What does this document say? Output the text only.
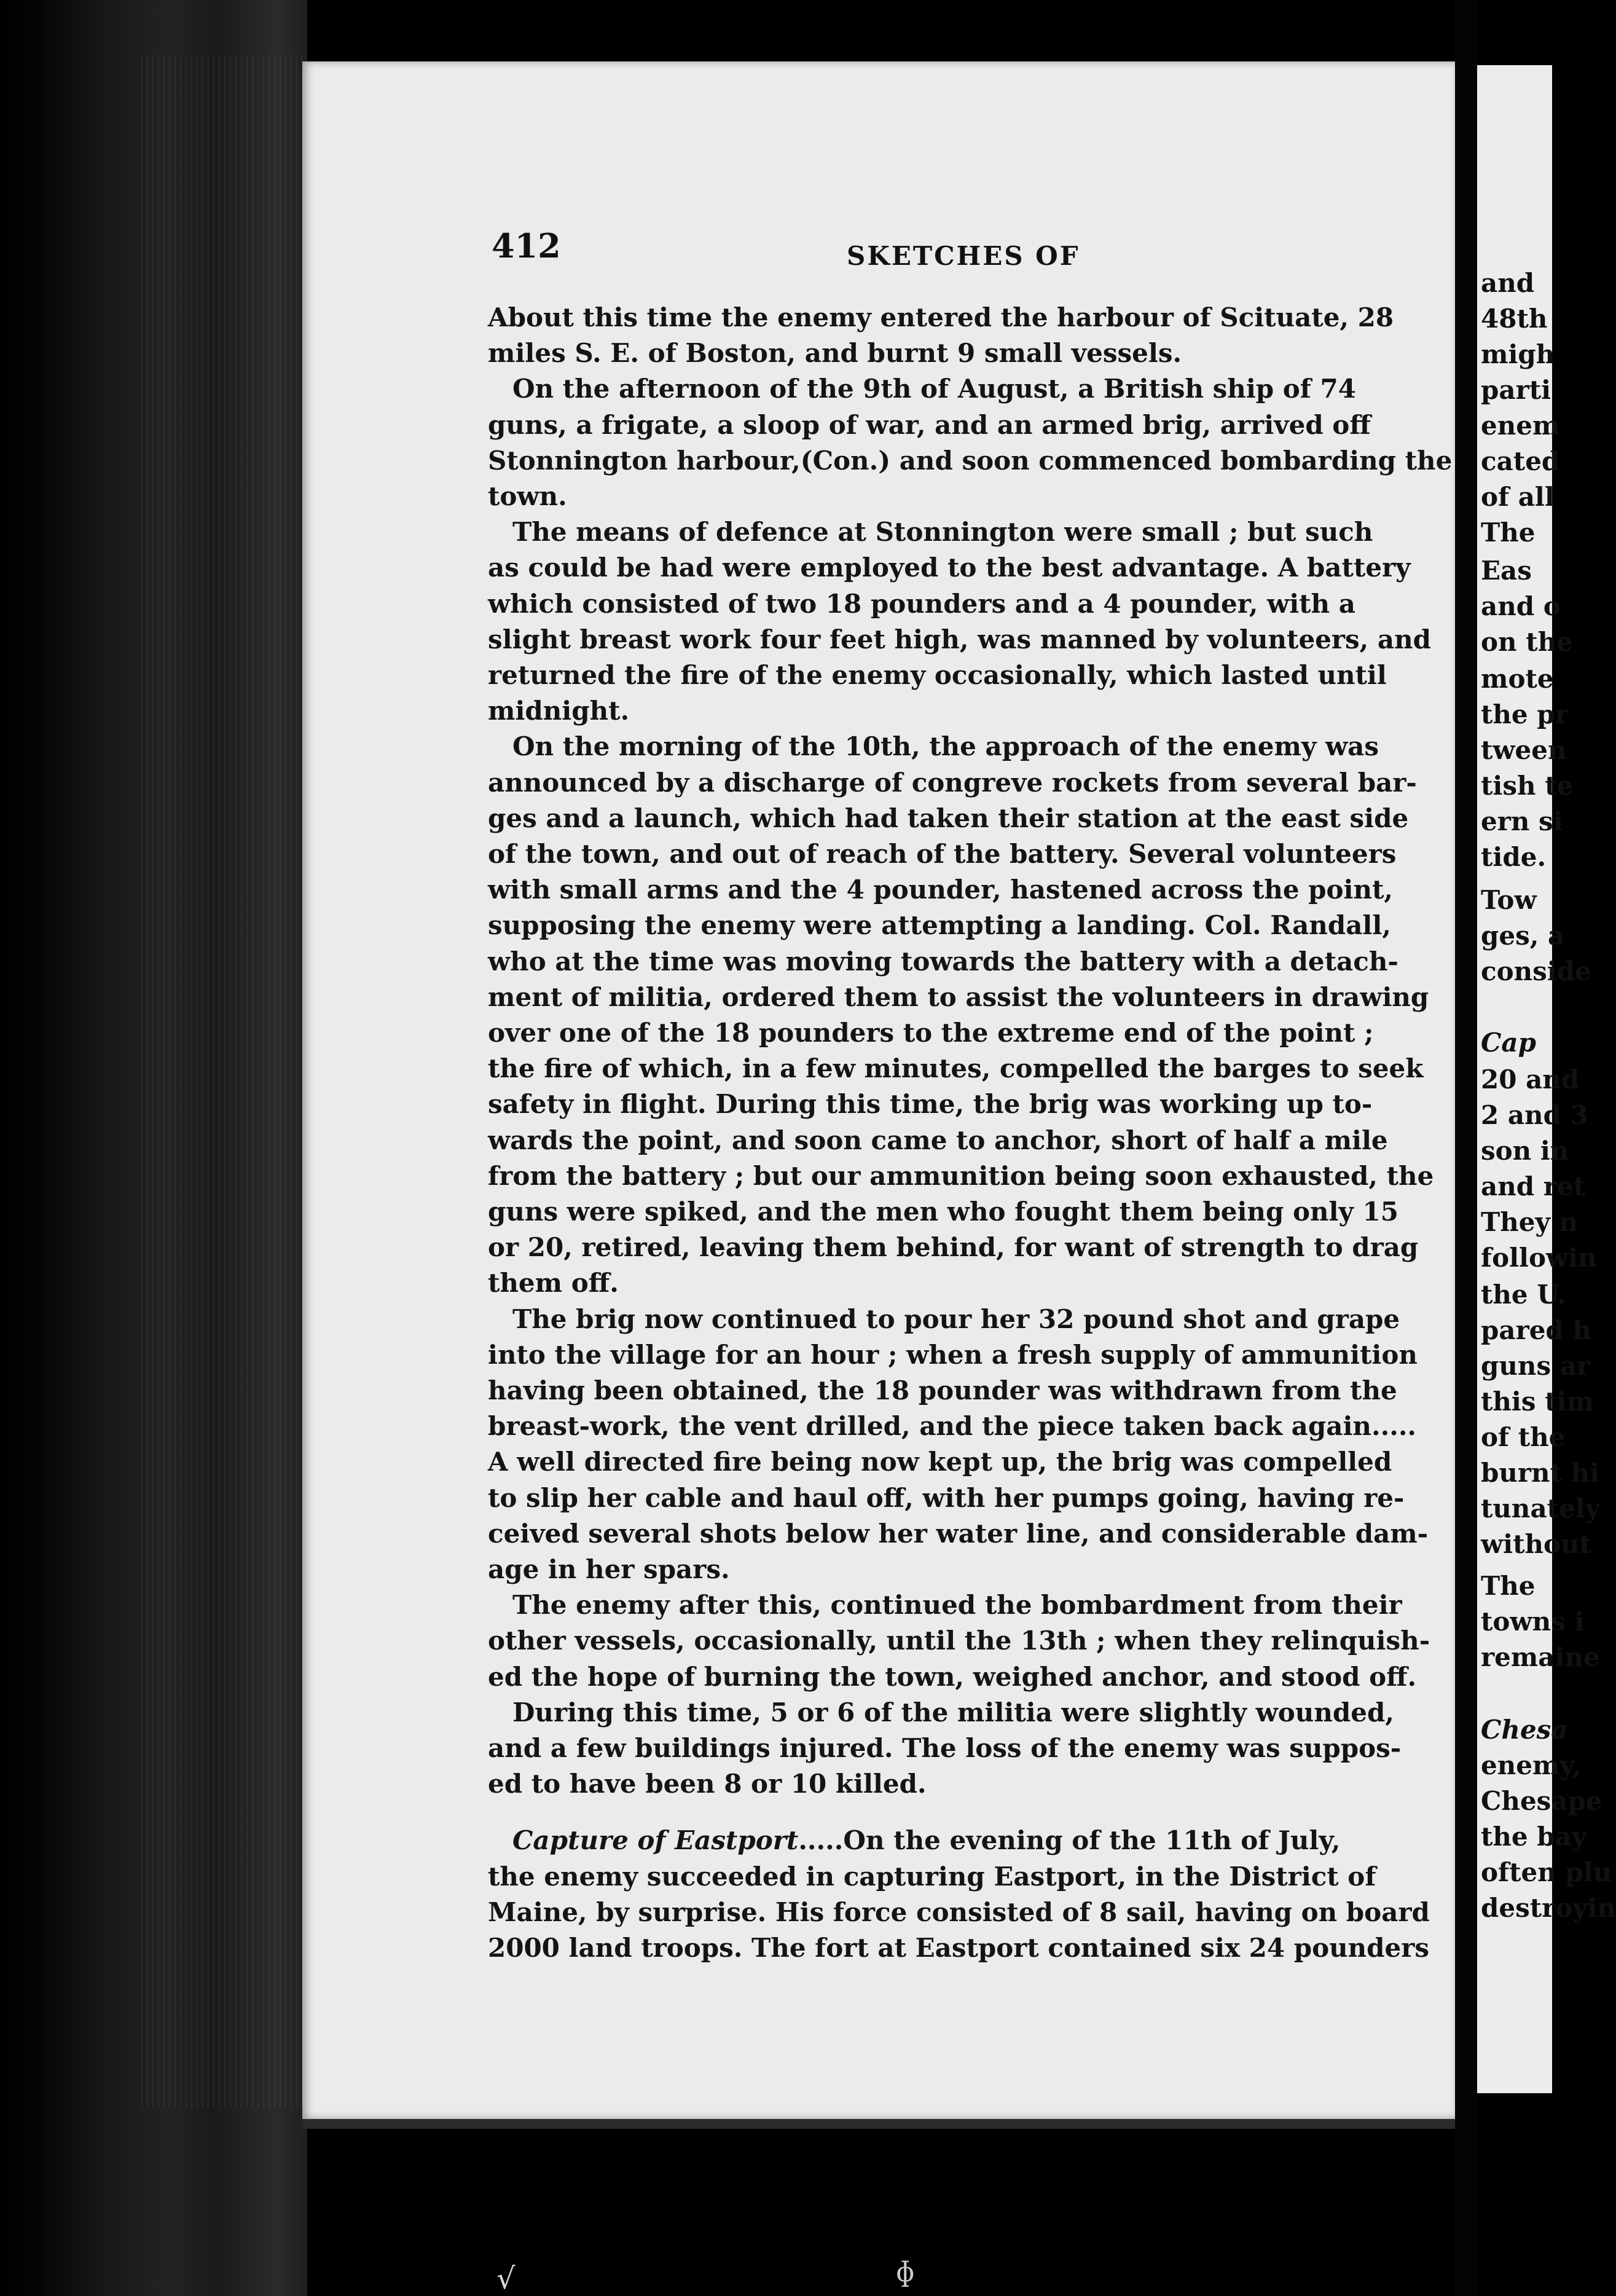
and
48th
migh
parti
enem
cated
of all
The
Eas
and o
on the
mote
the pr
tween
tish te
ern si
tide.
Tow
ges, a
conside
Cap
20 and
2 and 3
son in
and ret
They n
followin
the U.
pared h
guns ar
this tim
of the
burnt hi
tunately
without
The
towns i
remaine
Chesa
enemy,
Chesape
the bay
often plu
destroyin
412	SKETCHES OF
About this time the enemy entered the harbour of Scituate, 28
miles S. E. of Boston, and burnt 9 small vessels.
On the afternoon of the 9th of August, a British ship of 74
guns, a frigate, a sloop of war, and an armed brig, arrived off
Stonnington harbour,(Con.) and soon commenced bombarding the
town.
The means of defence at Stonnington were small ; but such
as could be had were employed to the best advantage. A battery
which consisted of two 18 pounders and a 4 pounder, with a
slight breast work four feet high, was manned by volunteers, and
returned the fire of the enemy occasionally, which lasted until
midnight.
On the morning of the 10th, the approach of the enemy was
announced by a discharge of congreve rockets from several bar-
ges and a launch, which had taken their station at the east side
of the town, and out of reach of the battery. Several volunteers
with small arms and the 4 pounder, hastened across the point,
supposing the enemy were attempting a landing. Col. Randall,
who at the time was moving towards the battery with a detach-
ment of militia, ordered them to assist the volunteers in drawing
over one of the 18 pounders to the extreme end of the point ;
the fire of which, in a few minutes, compelled the barges to seek
safety in flight. During this time, the brig was working up to-
wards the point, and soon came to anchor, short of half a mile
from the battery ; but our ammunition being soon exhausted, the
guns were spiked, and the men who fought them being only 15
or 20, retired, leaving them behind, for want of strength to drag
them off.
The brig now continued to pour her 32 pound shot and grape
into the village for an hour ; when a fresh supply of ammunition
having been obtained, the 18 pounder was withdrawn from the
breast-work, the vent drilled, and the piece taken back again.....
A well directed fire being now kept up, the brig was compelled
to slip her cable and haul off, with her pumps going, having re-
ceived several shots below her water line, and considerable dam-
age in her spars.
The enemy after this, continued the bombardment from their
other vessels, occasionally, until the 13th ; when they relinquish-
ed the hope of burning the town, weighed anchor, and stood off.
During this time, 5 or 6 of the militia were slightly wounded,
and a few buildings injured. The loss of the enemy was suppos-
ed to have been 8 or 10 killed.
Capture of Eastport.....On the evening of the 11th of July,
the enemy succeeded in capturing Eastport, in the District of
Maine, by surprise. His force consisted of 8 sail, having on board
2000 land troops. The fort at Eastport contained six 24 pounders
√	ɸ
